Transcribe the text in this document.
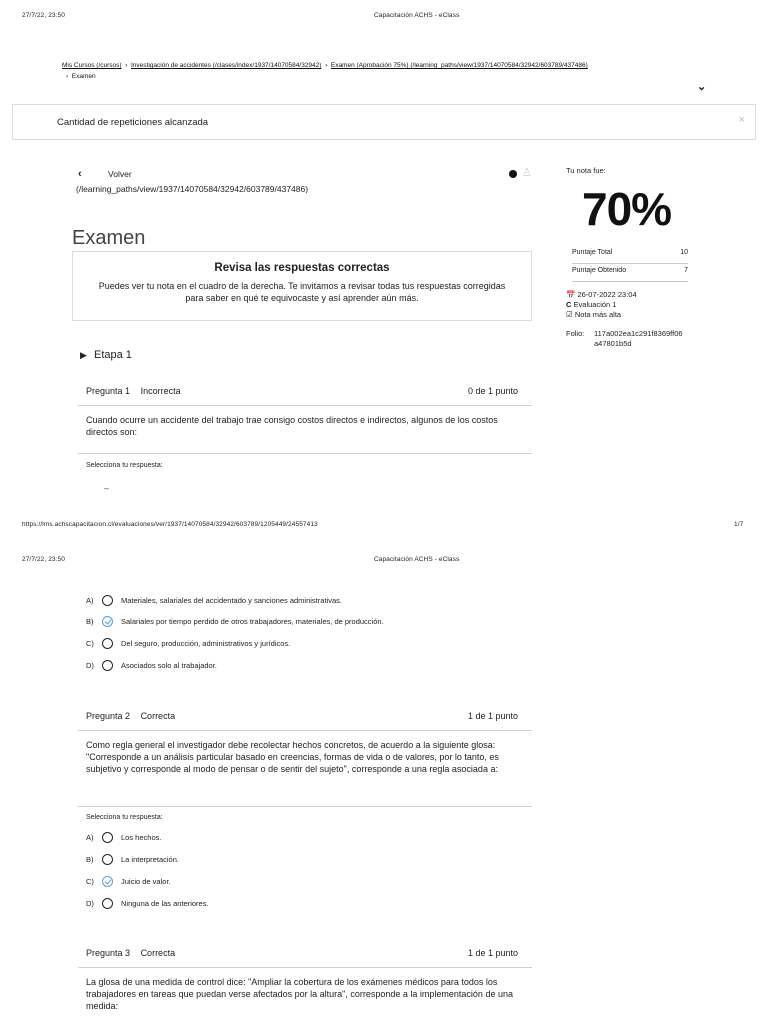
27/7/22, 23:50	Capacitación ACHS - eClass
Mis Cursos (/cursos)  ›  Investigación de accidentes (/clases/index/1937/14070584/32942)  ›  Examen (Aprobación 75%) (/learning_paths/view/1937/14070584/32942/603789/437486)
›  Examen
⌄
Cantidad de repeticiones alcanzada	×
‹	Volver
(/learning_paths/view/1937/14070584/32942/603789/437486)
♙
Examen
Revisa las respuestas correctas
Puedes ver tu nota en el cuadro de la derecha. Te invitamos a revisar todas tus respuestas corregidas para saber en qué te equivocaste y así aprender aún más.
▶ Etapa 1
Pregunta 1 Incorrecta	0 de 1 punto
Cuando ocurre un accidente del trabajo trae consigo costos directos e indirectos, algunos de los costos directos son:
Selecciona tu respuesta:
–
https://lms.achscapacitacion.cl/evaluaciones/ver/1937/14070584/32942/603789/1205449/24557413	1/7
27/7/22, 23:50	Capacitación ACHS - eClass
A)	Materiales, salariales del accidentado y sanciones administrativas.
B)	Salariales por tiempo perdido de otros trabajadores, materiales, de producción.
C)	Del seguro, producción, administrativos y jurídicos.
D)	Asociados solo al trabajador.
Pregunta 2 Correcta	1 de 1 punto
Como regla general el investigador debe recolectar hechos concretos, de acuerdo a la siguiente glosa: "Corresponde a un análisis particular basado en creencias, formas de vida o de valores, por lo tanto, es subjetivo y corresponde al modo de pensar o de sentir del sujeto", corresponde a una regla asociada a:
Selecciona tu respuesta:
A)	Los hechos.
B)	La interpretación.
C)	Juicio de valor.
D)	Ninguna de las anteriores.
Pregunta 3 Correcta	1 de 1 punto
La glosa de una medida de control dice: "Ampliar la cobertura de los exámenes médicos para todos los trabajadores en tareas que puedan verse afectados por la altura", corresponde a la implementación de una medida:
Tu nota fue:
70%
Puntaje Total	10
Puntaje Obtenido	7
📅 26-07-2022 23:04
C Evaluación 1
☑ Nota más alta
Folio: 117a002ea1c291f8369ff06
a47801b5d
